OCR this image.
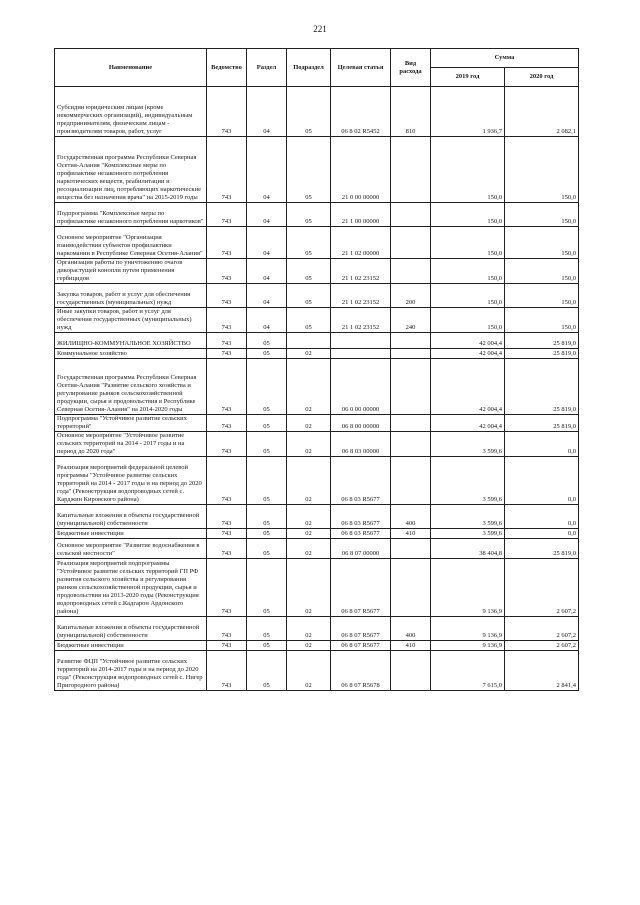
221
Наименование	Ведомство	Раздел	Подраздел	Целевая статья	Вид расхода	Сумма	
						2019 год	2020 год
Субсидии юридическим лицам (кроме некоммерческих организаций), индивидуальным предпринимателям, физическим лицам - производителям товаров, работ, услуг	743	04	05	06 8 02 R5452	810	1 936,7	2 082,1
Государственная программа Республики Северная Осетия-Алания "Комплексные меры по профилактике незаконного потребления наркотических веществ, реабилитации и ресоциализации лиц, потребляющих наркотические вещества без назначения врача" на 2015-2019 годы	743	04	05	21 0 00 00000		150,0	150,0
Подпрограмма "Комплексные меры по профилактике незаконного потребления наркотиков"	743	04	05	21 1 00 00000		150,0	150,0
Основное мероприятие "Организация взаимодействия субъектов профилактики наркомании в Республике Северная Осетия-Алания"	743	04	05	21 1 02 00000		150,0	150,0
Организация работы по уничтожению очагов дикорастущей конопли путем применения гербицидов	743	04	05	21 1 02 23152		150,0	150,0
Закупка товаров, работ и услуг для обеспечения государственных (муниципальных) нужд	743	04	05	21 1 02 23152	200	150,0	150,0
Иные закупки товаров, работ и услуг для обеспечения государственных (муниципальных) нужд	743	04	05	21 1 02 23152	240	150,0	150,0
ЖИЛИЩНО-КОММУНАЛЬНОЕ ХОЗЯЙСТВО	743	05				42 004,4	25 819,0
Коммунальное хозяйство	743	05	02			42 004,4	25 819,0
Государственная программа Республики Северная Осетия-Алания "Развитие сельского хозяйства и регулирование рынков сельскохозяйственной продукции, сырья и продовольствия в Республике Северная Осетия-Алания" на 2014-2020 годы	743	05	02	06 0 00 00000		42 004,4	25 819,0
Подпрограмма "Устойчивое развитие сельских территорий"	743	05	02	06 8 00 00000		42 004,4	25 819,0
Основное мероприятие "Устойчивое развитие сельских территорий на 2014 - 2017 годы и на период до 2020 года"	743	05	02	06 8 03 00000		3 599,6	0,0
Реализация мероприятий федеральной целевой программы "Устойчивое развитие сельских территорий на 2014 - 2017 годы и на период до 2020 года" (Реконструкция водопроводных сетей с. Карджин Кировского района)	743	05	02	06 8 03 R5677		3 599,6	0,0
Капитальные вложения в объекты государственной (муниципальной) собственности	743	05	02	06 8 03 R5677	400	3 599,6	0,0
Бюджетные инвестиции	743	05	02	06 8 03 R5677	410	3 599,6	0,0
Основное мероприятие "Развитие водоснабжения в сельской местности"	743	05	02	06 8 07 00000		38 404,8	25 819,0
Реализация мероприятий подпрограммы "Устойчивое развитие сельских территорий ГП РФ развития сельского хозяйства и регулирования рынков сельскохозяйственной продукции, сырья и продовольствия на 2013-2020 годы (Реконструкция водопроводных сетей с.Кадгарон Ардонского района)	743	05	02	06 8 07 R5677		9 136,9	2 607,2
Капитальные вложения в объекты государственной (муниципальной) собственности	743	05	02	06 8 07 R5677	400	9 136,9	2 607,2
Бюджетные инвестиции	743	05	02	06 8 07 R5677	410	9 136,9	2 607,2
Развитие ФЦП "Устойчивое развитие сельских территорий на 2014-2017 годы и на период до 2020 года" (Реконструкция водопроводных сетей с. Нигер Пригородного района)	743	05	02	06 8 07 R5678		7 615,0	2 841,4
